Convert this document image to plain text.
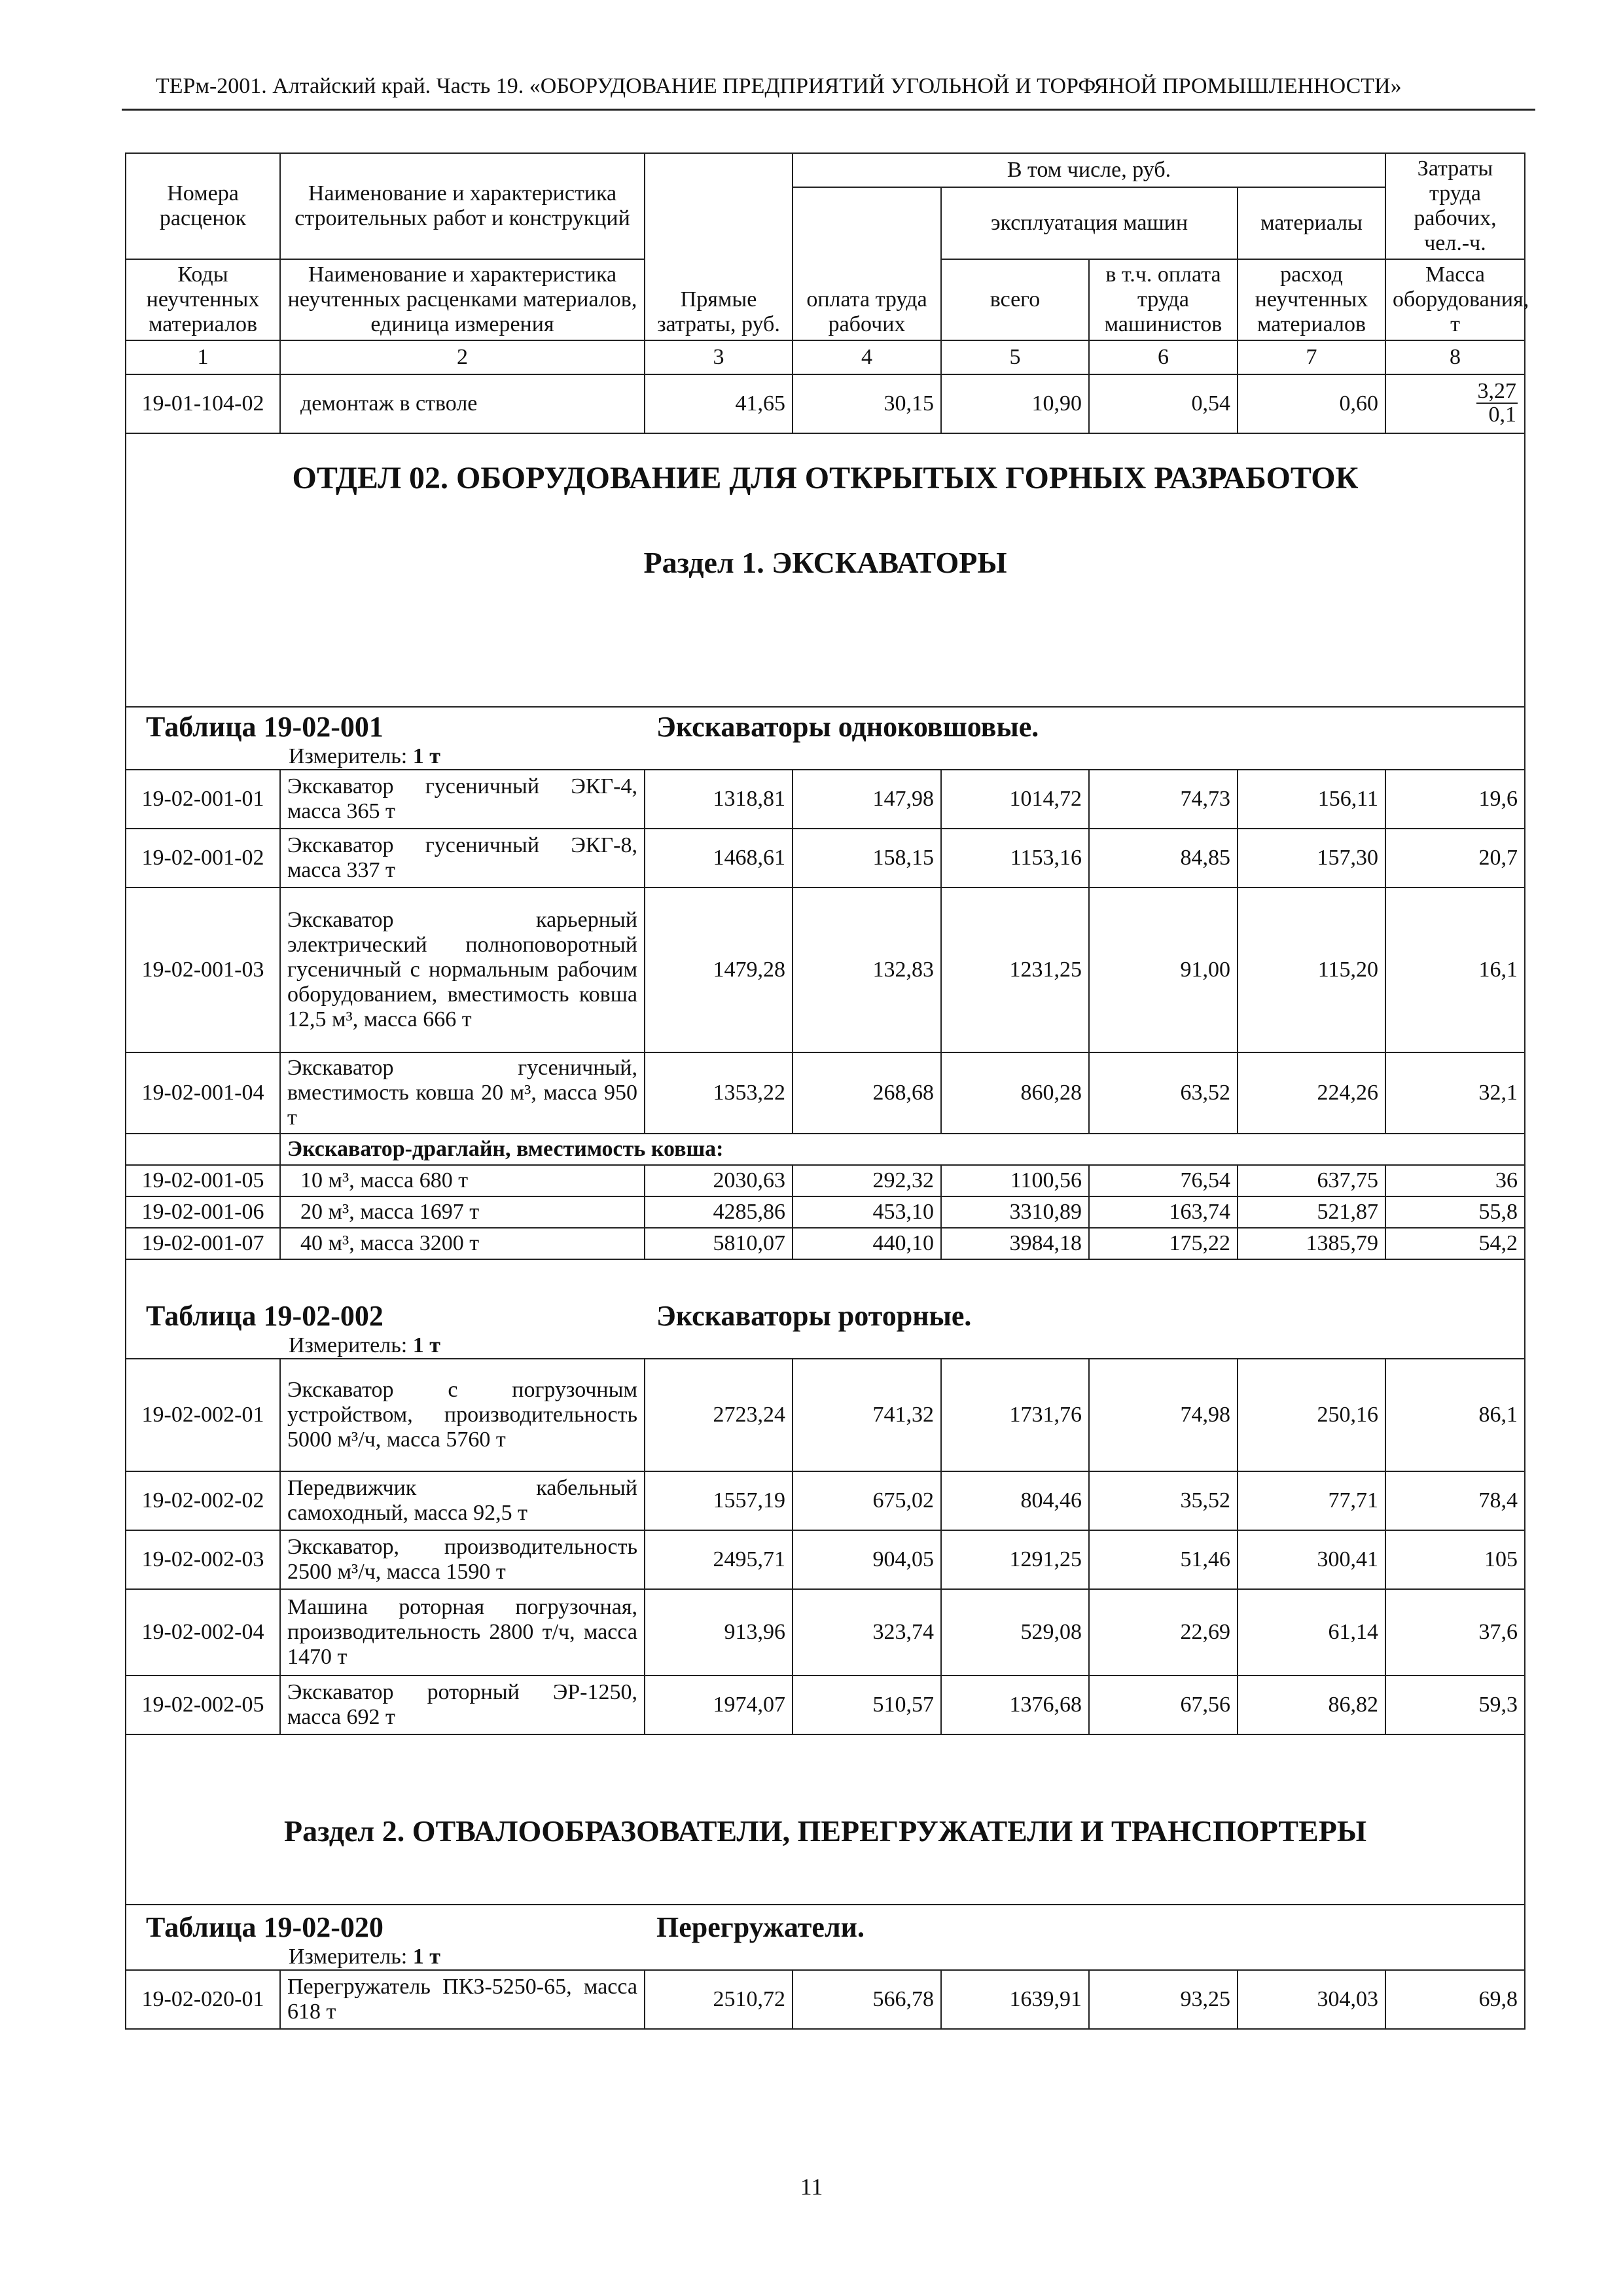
ТЕРм-2001. Алтайский край. Часть 19. «ОБОРУДОВАНИЕ ПРЕДПРИЯТИЙ УГОЛЬНОЙ И ТОРФЯНОЙ ПРОМЫШЛЕННОСТИ»
Номера расценок	Наименование и характеристика строительных работ и конструкций	Прямые затраты, руб.	В том числе, руб.				Затраты труда рабочих, чел.-ч.
			оплата труда рабочих	эксплуатация машин		материалы	
Коды неучтенных материалов	Наименование и характеристика неучтенных расценками материалов, единица измерения			всего	в т.ч. оплата труда машинистов	расход неучтенных материалов	Масса оборудования, т
1	2	3	4	5	6	7	8
19-01-104-02	демонтаж в стволе	41,65	30,15	10,90	0,54	0,60	$\frac{3,27}{0,1}$

ОТДЕЛ 02. ОБОРУДОВАНИЕ ДЛЯ ОТКРЫТЫХ ГОРНЫХ РАЗРАБОТОК
Раздел 1. ЭКСКАВАТОРЫ							

Таблица 19-02-001 Экскаваторы одноковшовые.
Измеритель: 1 т							

19-02-001-01	Экскаватор гусеничный ЭКГ-4, масса 365 т	1318,81	147,98	1014,72	74,73	156,11	19,6
19-02-001-02	Экскаватор гусеничный ЭКГ-8, масса 337 т	1468,61	158,15	1153,16	84,85	157,30	20,7
19-02-001-03	Экскаватор карьерный электрический полноповоротный гусеничный с нормальным рабочим оборудованием, вместимость ковша 12,5 м³, масса 666 т	1479,28	132,83	1231,25	91,00	115,20	16,1
19-02-001-04	Экскаватор гусеничный, вместимость ковша 20 м³, масса 950 т	1353,22	268,68	860,28	63,52	224,26	32,1
	Экскаватор-драглайн, вместимость ковша:						
19-02-001-05	10 м³, масса 680 т	2030,63	292,32	1100,56	76,54	637,75	36
19-02-001-06	20 м³, масса 1697 т	4285,86	453,10	3310,89	163,74	521,87	55,8
19-02-001-07	40 м³, масса 3200 т	5810,07	440,10	3984,18	175,22	1385,79	54,2

Таблица 19-02-002 Экскаваторы роторные.
Измеритель: 1 т							

19-02-002-01	Экскаватор с погрузочным устройством, производительность 5000 м³/ч, масса 5760 т	2723,24	741,32	1731,76	74,98	250,16	86,1
19-02-002-02	Передвижчик кабельный самоходный, масса 92,5 т	1557,19	675,02	804,46	35,52	77,71	78,4
19-02-002-03	Экскаватор, производительность 2500 м³/ч, масса 1590 т	2495,71	904,05	1291,25	51,46	300,41	105
19-02-002-04	Машина роторная погрузочная, производительность 2800 т/ч, масса 1470 т	913,96	323,74	529,08	22,69	61,14	37,6
19-02-002-05	Экскаватор роторный ЭР-1250, масса 692 т	1974,07	510,57	1376,68	67,56	86,82	59,3

Раздел 2. ОТВАЛООБРАЗОВАТЕЛИ, ПЕРЕГРУЖАТЕЛИ И ТРАНСПОРТЕРЫ							

Таблица 19-02-020 Перегружатели.
Измеритель: 1 т							

19-02-020-01	Перегружатель ПКЗ-5250-65, масса 618 т	2510,72	566,78	1639,91	93,25	304,03	69,8
11
